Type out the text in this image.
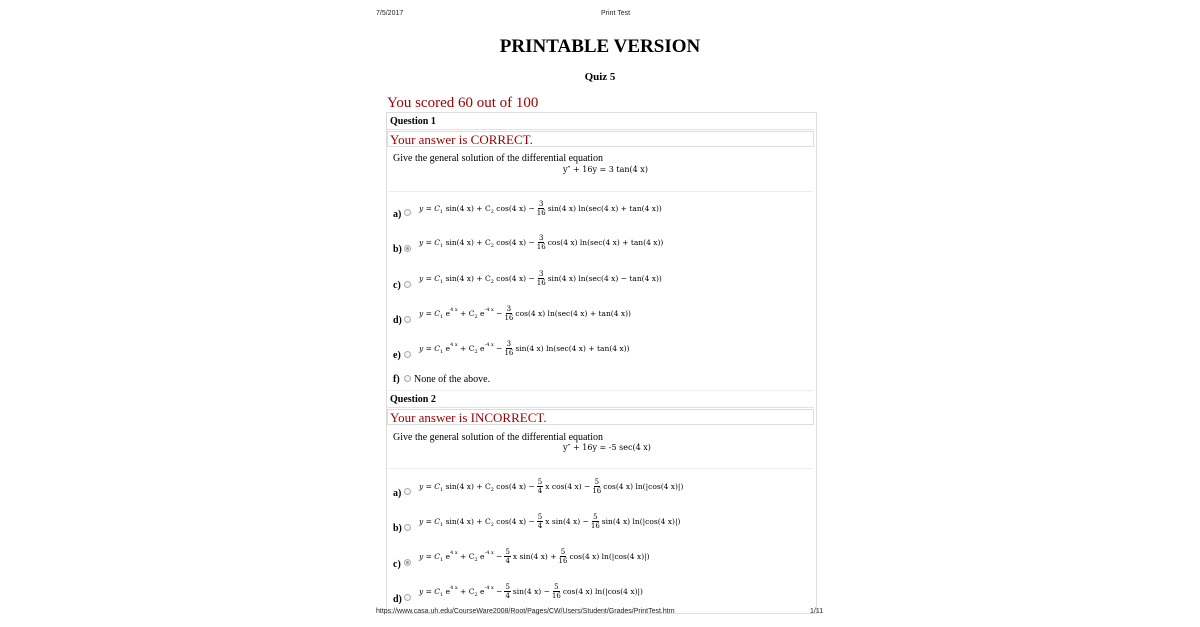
7/5/2017	Print Test
PRINTABLE VERSION
Quiz 5
You scored 60 out of 100
Question 1
Your answer is CORRECT.
Give the general solution of the differential equation
y″ + 16y = 3 tan(4 x)
a)
y = C 1
sin(4 x) + C 2
cos(4 $x) - \frac{3}{16} \sin(4$ x) ln(sec(4 x) + tan(4 x))
b)
y = C 1
sin(4 x) + C 2
cos(4 $x) - \frac{3}{16} \cos(4$ x) ln(sec(4 x) + tan(4 x))
c)
y = C 1
sin(4 x) + C 2
cos(4 $x) - \frac{3}{16} \sin(4$ x) ln(sec(4 x) − tan(4 x))
d)
y = C 1
e 4 x
+ C 2
e -4 $x - \frac{3}{16} \cos(4$ x) ln(sec(4 x) + tan(4 x))
e)
y = C 1
e 4 x
+ C 2
e -4 $x - \frac{3}{16} \sin(4$ x) ln(sec(4 x) + tan(4 x))
f) None of the above.
Question 2
Your answer is INCORRECT.
Give the general solution of the differential equation
y″ + 16y = -5 sec(4 x)
a)
y = C 1
sin(4 x) + C 2
cos(4 $x) - \frac{5}{4}$ x cos(4 $x) - \frac{5}{16} \cos(4$ x) ln(|cos(4 x)|)
b)
y = C 1
sin(4 x) + C 2
cos(4 $x) - \frac{5}{4}$ x sin(4 $x) - \frac{5}{16} \sin(4$ x) ln(|cos(4 x)|)
c)
y = C 1
e 4 x
+ C 2
e -4 $x - \frac{5}{4}$ x sin(4 $x) + \frac{5}{16} \cos(4$ x) ln(|cos(4 x)|)
d)
y = C 1
e 4 x
+ C 2
e -4 $x - \frac{5}{4} \sin(4$ $x) - \frac{5}{16} \cos(4$ x) ln(|cos(4 x)|)
https://www.casa.uh.edu/CourseWare2008/Root/Pages/CW/Users/Student/Grades/PrintTest.htm	1/11
